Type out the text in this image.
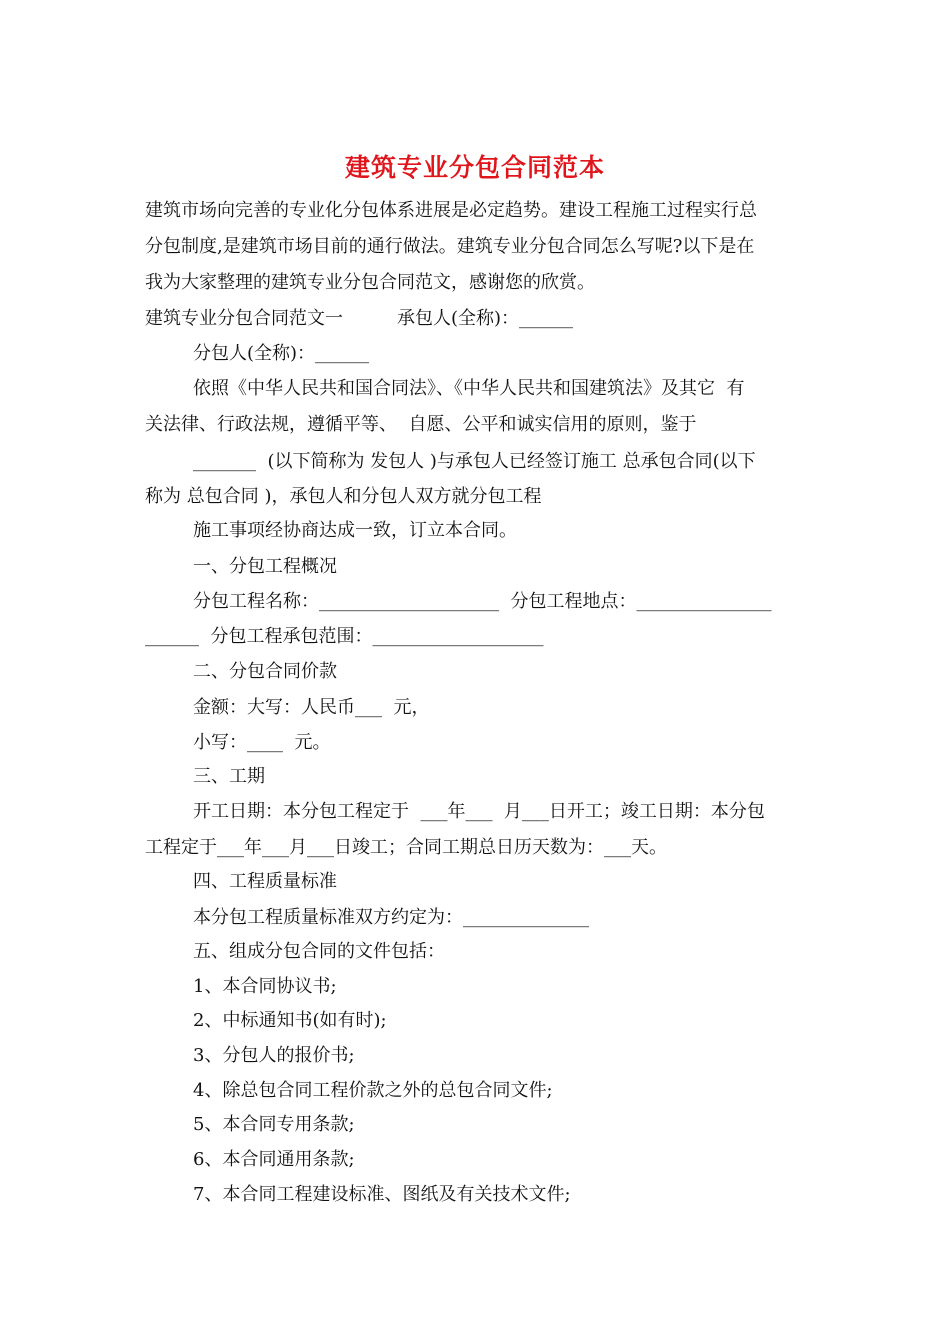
建筑专业分包合同范本
建筑市场向完善的专业化分包体系进展是必定趋势。建设工程施工过程实行总
分包制度,是建筑市场目前的通行做法。建筑专业分包合同怎么写呢?以下是在
我为大家整理的建筑专业分包合同范文，感谢您的欣赏。
建筑专业分包合同范文一　　　承包人(全称)：______
分包人(全称)：______
依照《中华人民共和国合同法》、《中华人民共和国建筑法》及其它  有
关法律、行政法规，遵循平等、  自愿、公平和诚实信用的原则，鉴于
_______  (以下简称为 发包人 )与承包人已经签订施工 总承包合同(以下
称为 总包合同 )，承包人和分包人双方就分包工程
施工事项经协商达成一致，订立本合同。
一、分包工程概况
分包工程名称：____________________  分包工程地点：_______________
______  分包工程承包范围：___________________
二、分包合同价款
金额：大写：人民币___  元，
小写：____  元。
三、工期
开工日期：本分包工程定于  ___年___  月___日开工；竣工日期：本分包
工程定于___年___月___日竣工；合同工期总日历天数为：___天。
四、工程质量标准
本分包工程质量标准双方约定为：______________
五、组成分包合同的文件包括：
1、本合同协议书;
2、中标通知书(如有时);
3、分包人的报价书;
4、除总包合同工程价款之外的总包合同文件;
5、本合同专用条款;
6、本合同通用条款;
7、本合同工程建设标准、图纸及有关技术文件;
